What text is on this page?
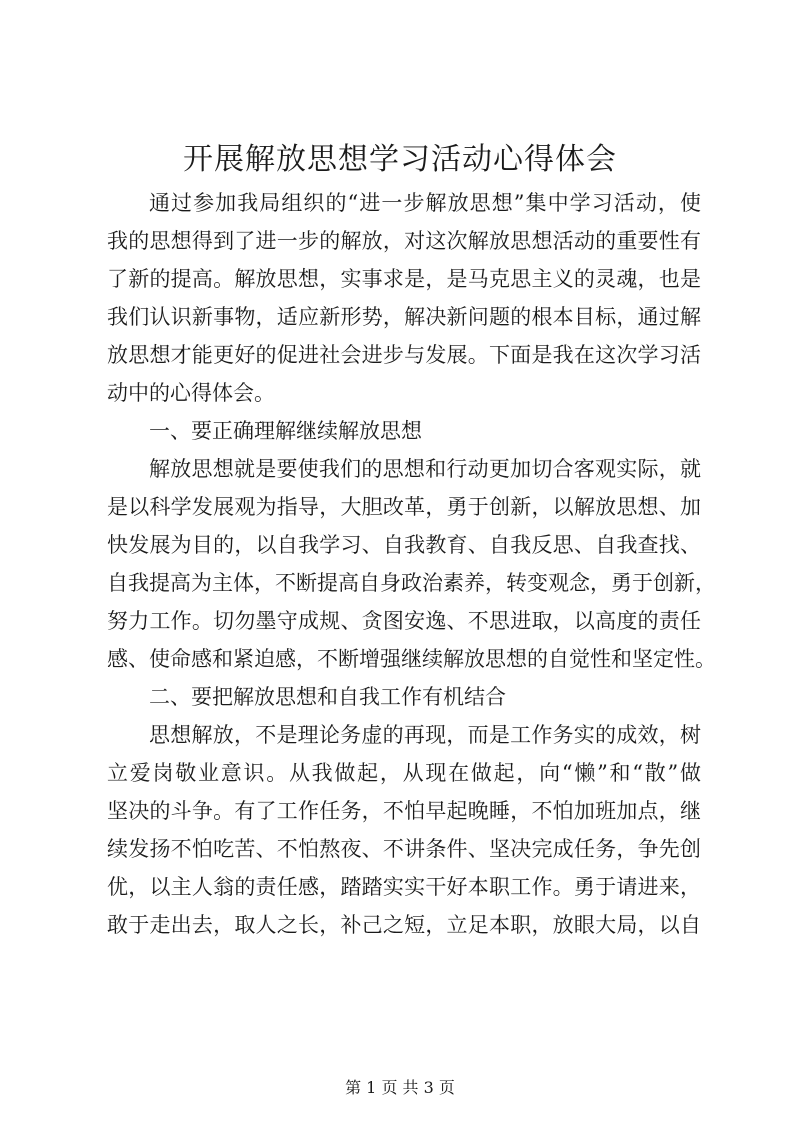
开展解放思想学习活动心得体会
通过参加我局组织的“进一步解放思想”集中学习活动，使
我的思想得到了进一步的解放，对这次解放思想活动的重要性有
了新的提高。解放思想，实事求是，是马克思主义的灵魂，也是
我们认识新事物，适应新形势，解决新问题的根本目标，通过解
放思想才能更好的促进社会进步与发展。下面是我在这次学习活
动中的心得体会。
一、要正确理解继续解放思想
解放思想就是要使我们的思想和行动更加切合客观实际，就
是以科学发展观为指导，大胆改革，勇于创新，以解放思想、加
快发展为目的，以自我学习、自我教育、自我反思、自我查找、
自我提高为主体，不断提高自身政治素养，转变观念，勇于创新，
努力工作。切勿墨守成规、贪图安逸、不思进取，以高度的责任
感、使命感和紧迫感，不断增强继续解放思想的自觉性和坚定性。
二、要把解放思想和自我工作有机结合
思想解放，不是理论务虚的再现，而是工作务实的成效，树
立爱岗敬业意识。从我做起，从现在做起，向“懒”和“散”做
坚决的斗争。有了工作任务，不怕早起晚睡，不怕加班加点，继
续发扬不怕吃苦、不怕熬夜、不讲条件、坚决完成任务，争先创
优，以主人翁的责任感，踏踏实实干好本职工作。勇于请进来，
敢于走出去，取人之长，补己之短，立足本职，放眼大局，以自
第 1 页 共 3 页
